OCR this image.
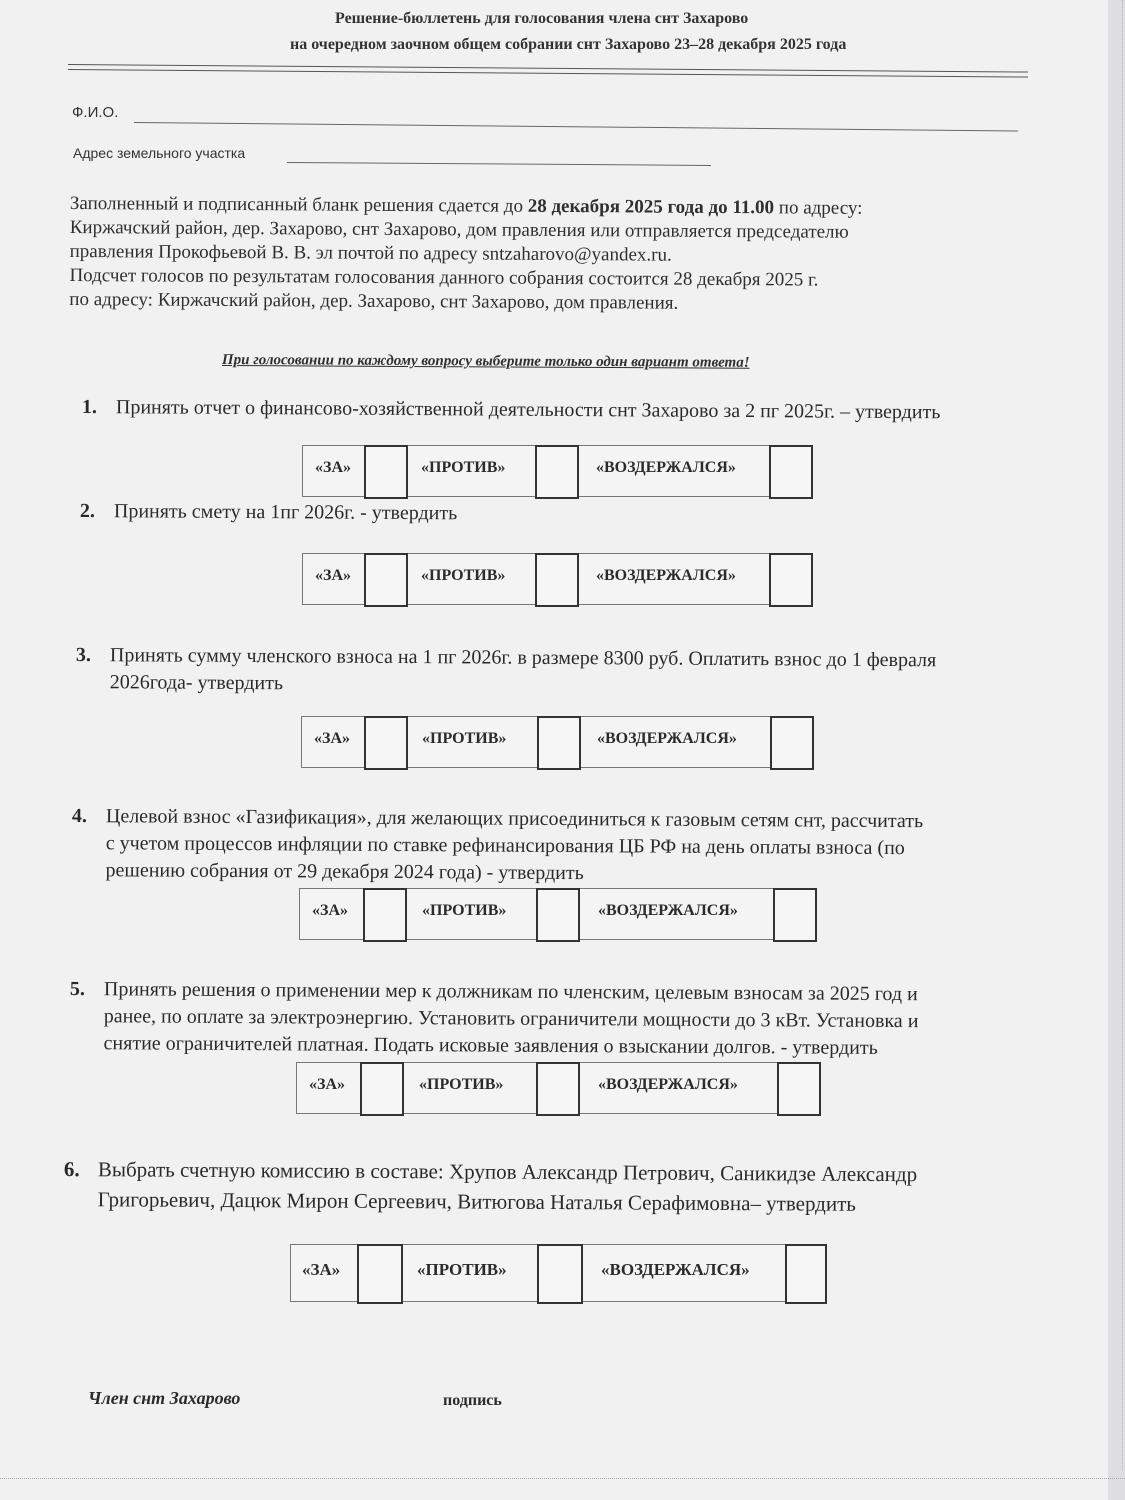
Решение-бюллетень для голосования члена снт Захарово
на очередном заочном общем собрании снт Захарово 23–28 декабря 2025 года
Ф.И.О.
Адрес земельного участка
Заполненный и подписанный бланк решения сдается до 28 декабря 2025 года до 11.00 по адресу:
Киржачский район, дер. Захарово, снт Захарово, дом правления или отправляется председателю
правления Прокофьевой В. В. эл почтой по адресу sntzaharovo@yandex.ru.
Подсчет голосов по результатам голосования данного собрания состоится 28 декабря 2025 г.
по адресу: Киржачский район, дер. Захарово, снт Захарово, дом правления.
При голосовании по каждому вопросу выберите только один вариант ответа!
1. Принять отчет о финансово-хозяйственной деятельности снт Захарово за 2 пг 2025г. – утвердить
«ЗА»	«ПРОТИВ»	«ВОЗДЕРЖАЛСЯ»
2. Принять смету на 1пг 2026г. - утвердить
«ЗА»	«ПРОТИВ»	«ВОЗДЕРЖАЛСЯ»
3. Принять сумму членского взноса на 1 пг 2026г. в размере 8300 руб. Оплатить взнос до 1 февраля
2026года- утвердить
«ЗА»	«ПРОТИВ»	«ВОЗДЕРЖАЛСЯ»
4. Целевой взнос «Газификация», для желающих присоединиться к газовым сетям снт, рассчитать
с учетом процессов инфляции по ставке рефинансирования ЦБ РФ на день оплаты взноса (по
решению собрания от 29 декабря 2024 года) - утвердить
«ЗА»	«ПРОТИВ»	«ВОЗДЕРЖАЛСЯ»
5. Принять решения о применении мер к должникам по членским, целевым взносам за 2025 год и
ранее, по оплате за электроэнергию. Установить ограничители мощности до 3 кВт. Установка и
снятие ограничителей платная. Подать исковые заявления о взыскании долгов. - утвердить
«ЗА»	«ПРОТИВ»	«ВОЗДЕРЖАЛСЯ»
6. Выбрать счетную комиссию в составе: Хрупов Александр Петрович, Саникидзе Александр
Григорьевич, Дацюк Мирон Сергеевич, Витюгова Наталья Серафимовна– утвердить
«ЗА»	«ПРОТИВ»	«ВОЗДЕРЖАЛСЯ»
Член снт Захарово	подпись
